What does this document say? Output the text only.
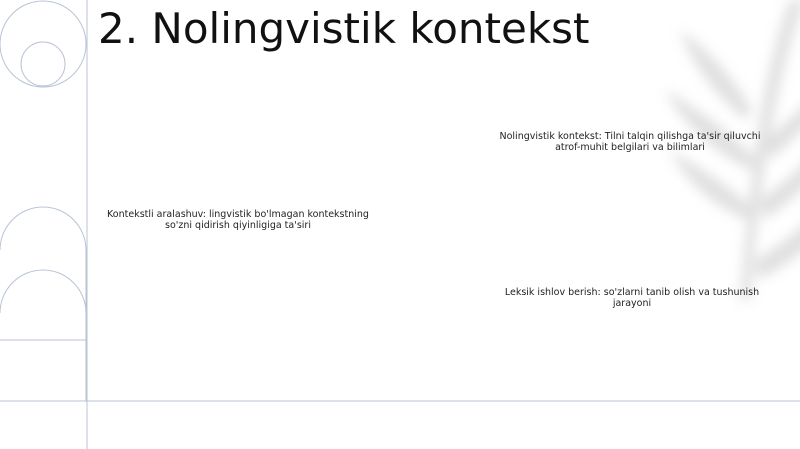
2. Nolingvistik kontekst
Nolingvistik kontekst: Tilni talqin qilishga ta'sir qiluvchi atrof-muhit belgilari va bilimlari
Kontekstli aralashuv: lingvistik bo'lmagan kontekstning so'zni qidirish qiyinligiga ta'siri
Leksik ishlov berish: so'zlarni tanib olish va tushunish jarayoni
